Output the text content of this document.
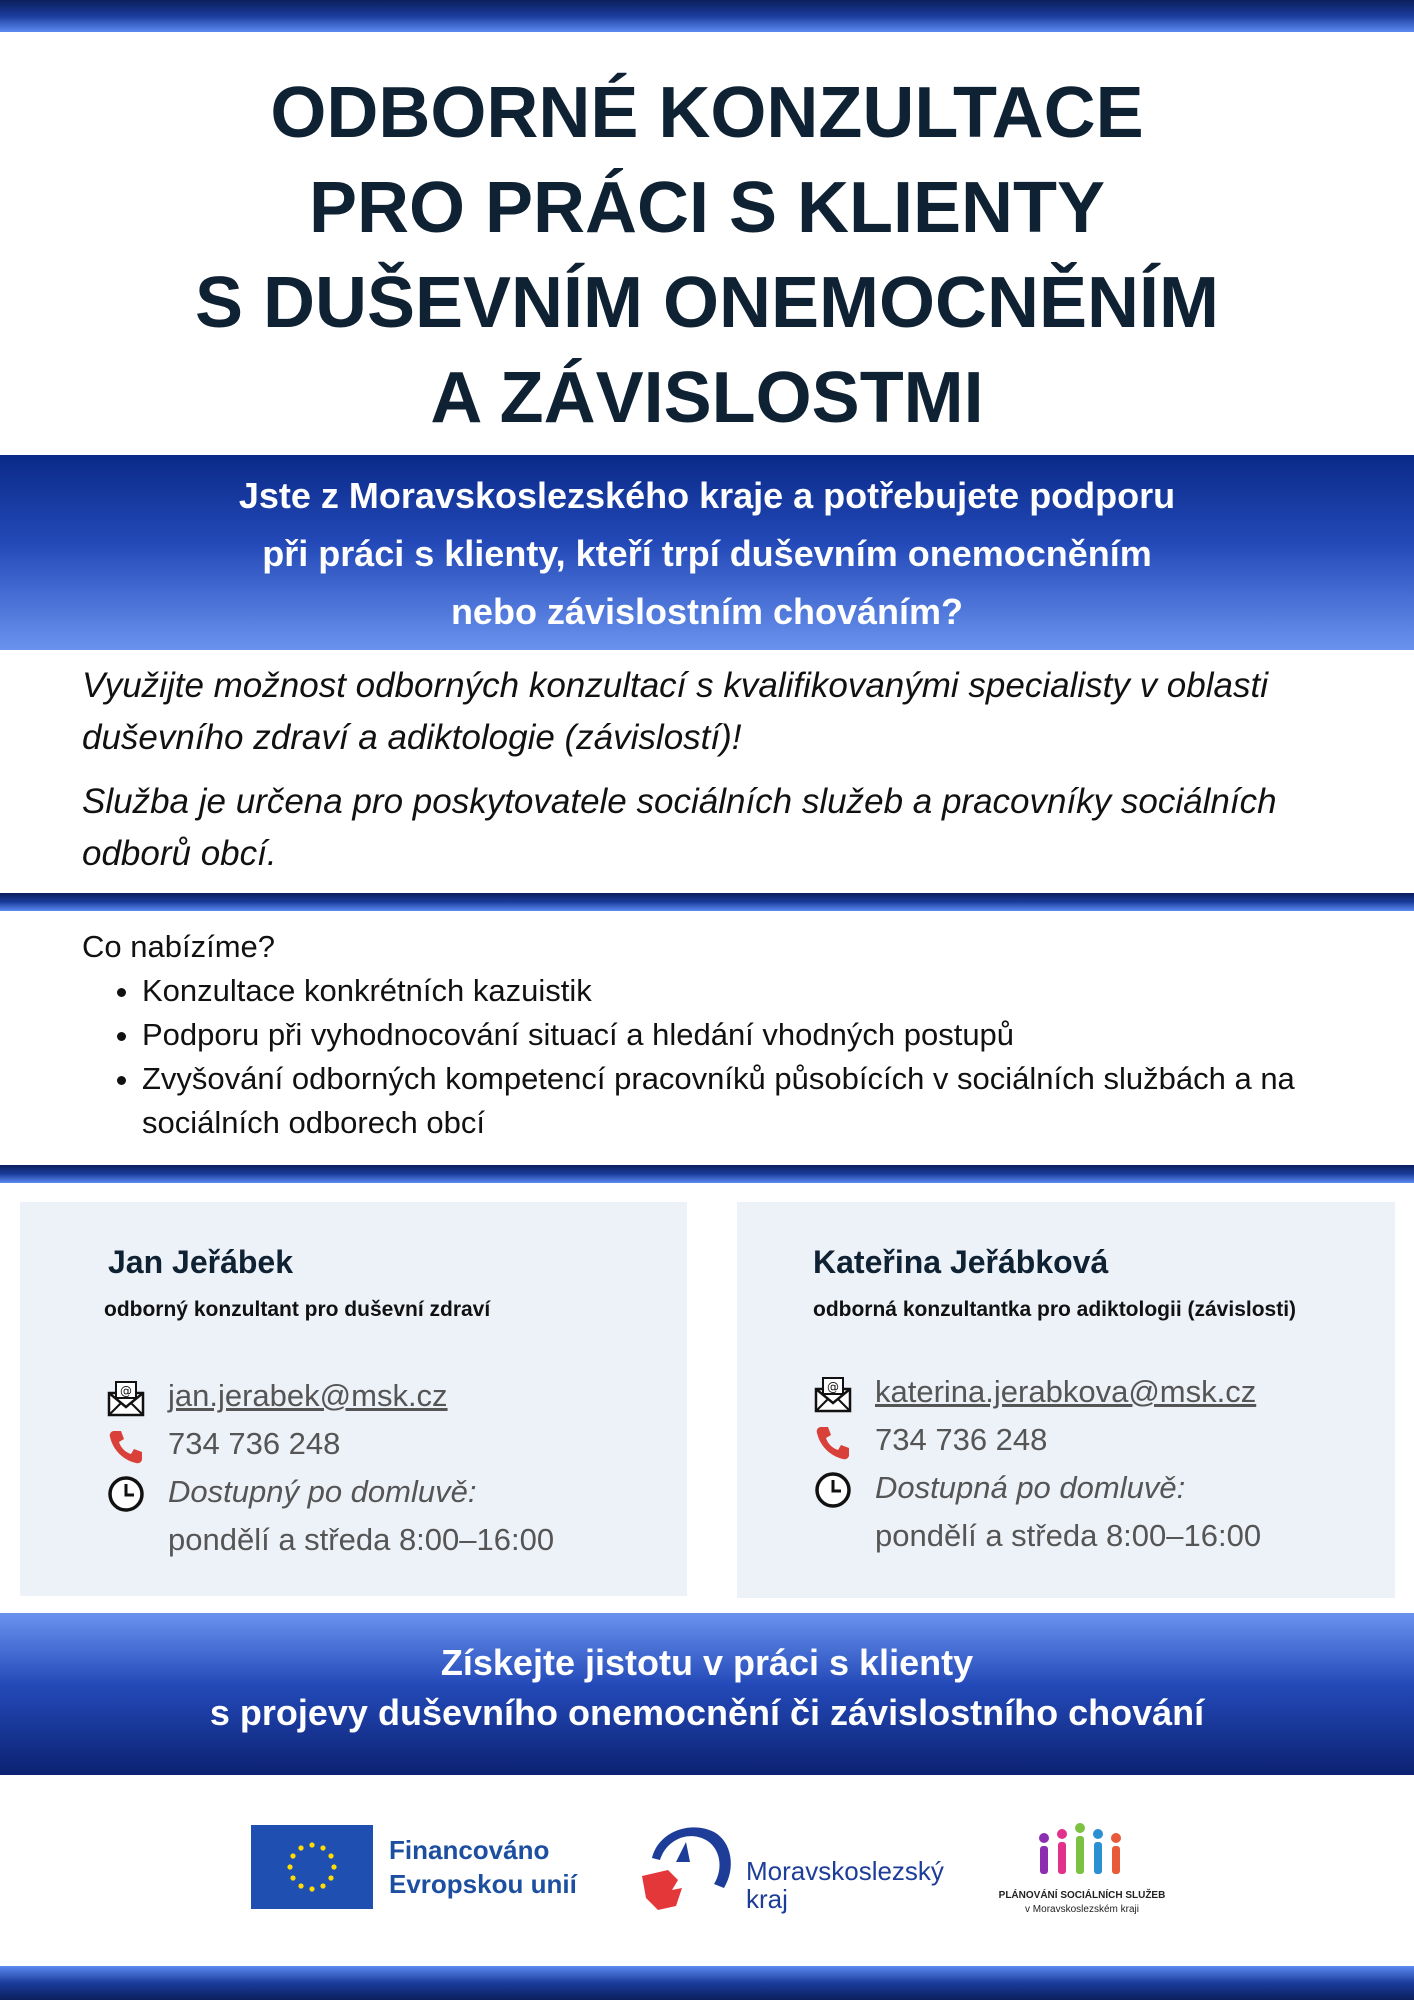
ODBORNÉ KONZULTACE
PRO PRÁCI S KLIENTY
S DUŠEVNÍM ONEMOCNĚNÍM
A ZÁVISLOSTMI
Jste z Moravskoslezského kraje a potřebujete podporu
při práci s klienty, kteří trpí duševním onemocněním
nebo závislostním chováním?

Využijte možnost odborných konzultací s kvalifikovanými specialisty v oblasti duševního zdraví a adiktologie (závislostí)!

Služba je určena pro poskytovatele sociálních služeb a pracovníky sociálních odborů obcí.

Co nabízíme?
• Konzultace konkrétních kazuistik
• Podporu při vyhodnocování situací a hledání vhodných postupů
• Zvyšování odborných kompetencí pracovníků působících v sociálních službách a na sociálních odborech obcí
Jan Jeřábek
odborný konzultant pro duševní zdraví
@ jan.jerabek@msk.cz
734 736 248
Dostupný po domluvě:
pondělí a středa 8:00–16:00
Kateřina Jeřábková
odborná konzultantka pro adiktologii (závislosti)
@ katerina.jerabkova@msk.cz
734 736 248
Dostupná po domluvě:
pondělí a středa 8:00–16:00
Získejte jistotu v práci s klienty
s projevy duševního onemocnění či závislostního chování
Financováno
Evropskou unií	Moravskoslezský
kraj	PLÁNOVÁNÍ SOCIÁLNÍCH SLUŽEB
v Moravskoslezském kraji
